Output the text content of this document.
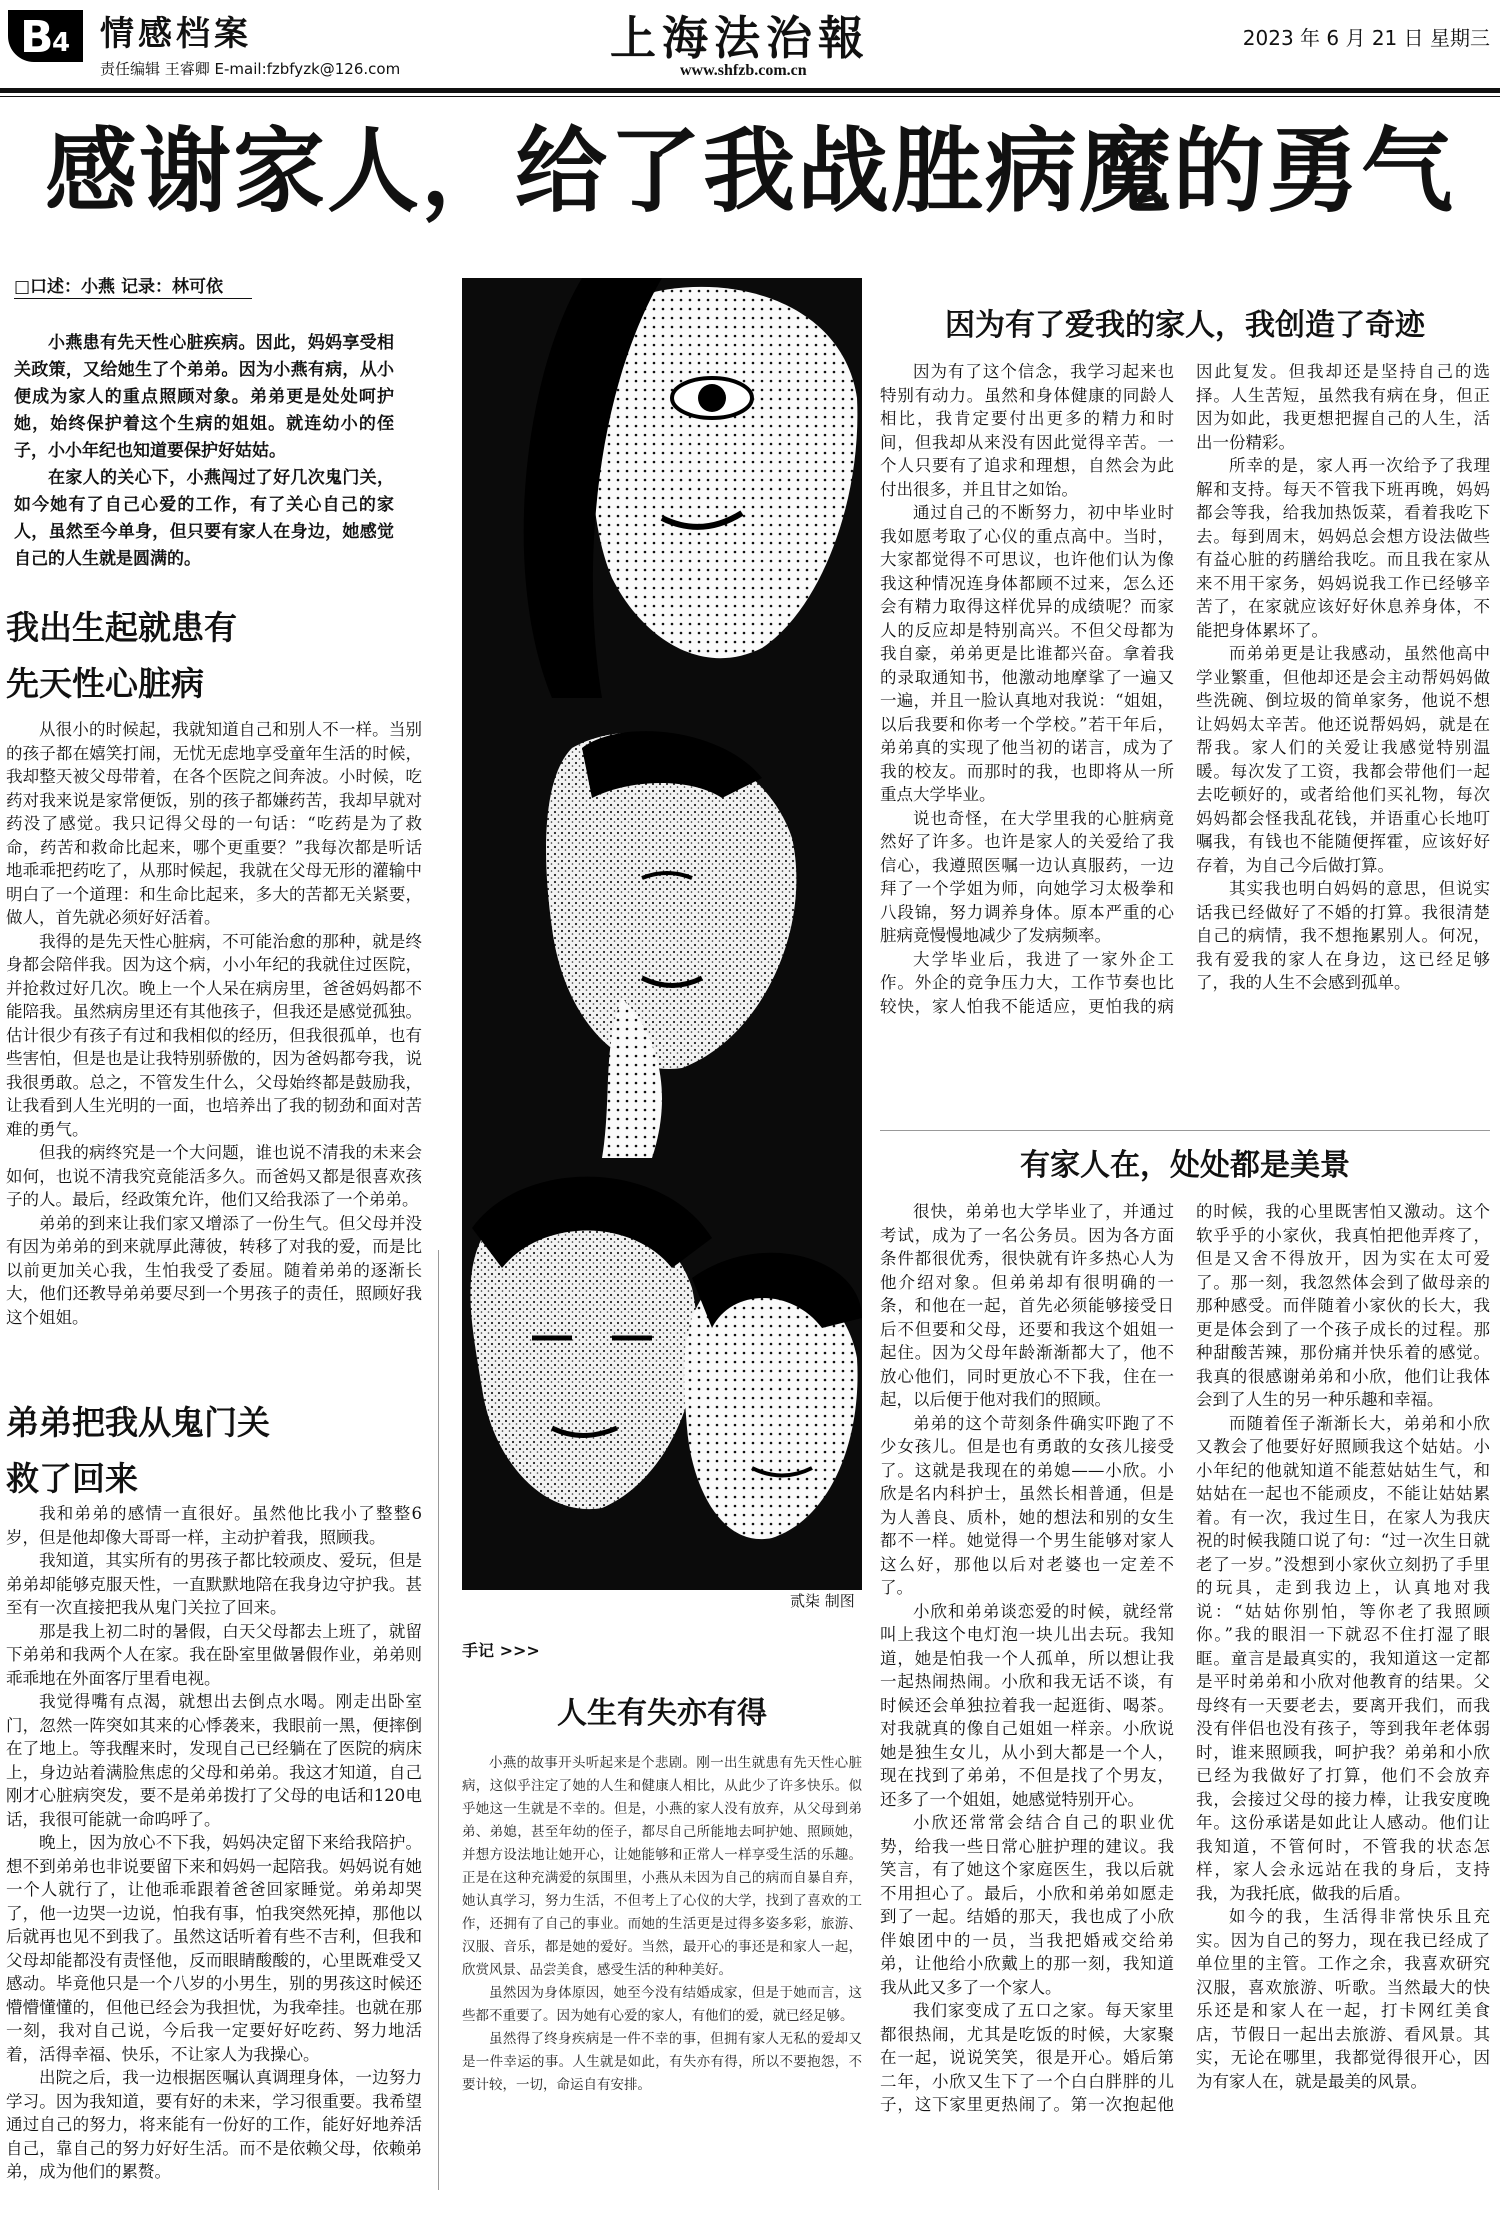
B
4 情感档案
责任编辑 王睿卿 E-mail:fzbfyzk@126.com
上海法治報
www.shfzb.com.cn
2023 年 6 月 21 日 星期三
感谢家人，给了我战胜病魔的勇气
□口述：小燕 记录：林可依

小燕患有先天性心脏疾病。因此，妈妈享受相关政策，又给她生了个弟弟。因为小燕有病，从小便成为家人的重点照顾对象。弟弟更是处处呵护她，始终保护着这个生病的姐姐。就连幼小的侄子，小小年纪也知道要保护好姑姑。

在家人的关心下，小燕闯过了好几次鬼门关，如今她有了自己心爱的工作，有了关心自己的家人，虽然至今单身，但只要有家人在身边，她感觉自己的人生就是圆满的。

我出生起就患有
先天性心脏病

从很小的时候起，我就知道自己和别人不一样。当别的孩子都在嬉笑打闹，无忧无虑地享受童年生活的时候，我却整天被父母带着，在各个医院之间奔波。小时候，吃药对我来说是家常便饭，别的孩子都嫌药苦，我却早就对药没了感觉。我只记得父母的一句话：“吃药是为了救命，药苦和救命比起来，哪个更重要？”我每次都是听话地乖乖把药吃了，从那时候起，我就在父母无形的灌输中明白了一个道理：和生命比起来，多大的苦都无关紧要，做人，首先就必须好好活着。

我得的是先天性心脏病，不可能治愈的那种，就是终身都会陪伴我。因为这个病，小小年纪的我就住过医院，并抢救过好几次。晚上一个人呆在病房里，爸爸妈妈都不能陪我。虽然病房里还有其他孩子，但我还是感觉孤独。估计很少有孩子有过和我相似的经历，但我很孤单，也有些害怕，但是也是让我特别骄傲的，因为爸妈都夸我，说我很勇敢。总之，不管发生什么，父母始终都是鼓励我，让我看到人生光明的一面，也培养出了我的韧劲和面对苦难的勇气。

但我的病终究是一个大问题，谁也说不清我的未来会如何，也说不清我究竟能活多久。而爸妈又都是很喜欢孩子的人。最后，经政策允许，他们又给我添了一个弟弟。

弟弟的到来让我们家又增添了一份生气。但父母并没有因为弟弟的到来就厚此薄彼，转移了对我的爱，而是比以前更加关心我，生怕我受了委屈。随着弟弟的逐渐长大，他们还教导弟弟要尽到一个男孩子的责任，照顾好我这个姐姐。

弟弟把我从鬼门关
救了回来

我和弟弟的感情一直很好。虽然他比我小了整整6岁，但是他却像大哥哥一样，主动护着我，照顾我。

我知道，其实所有的男孩子都比较顽皮、爱玩，但是弟弟却能够克服天性，一直默默地陪在我身边守护我。甚至有一次直接把我从鬼门关拉了回来。

那是我上初二时的暑假，白天父母都去上班了，就留下弟弟和我两个人在家。我在卧室里做暑假作业，弟弟则乖乖地在外面客厅里看电视。

我觉得嘴有点渴，就想出去倒点水喝。刚走出卧室门，忽然一阵突如其来的心悸袭来，我眼前一黑，便摔倒在了地上。等我醒来时，发现自己已经躺在了医院的病床上，身边站着满脸焦虑的父母和弟弟。我这才知道，自己刚才心脏病突发，要不是弟弟拨打了父母的电话和120电话，我很可能就一命呜呼了。

晚上，因为放心不下我，妈妈决定留下来给我陪护。想不到弟弟也非说要留下来和妈妈一起陪我。妈妈说有她一个人就行了，让他乖乖跟着爸爸回家睡觉。弟弟却哭了，他一边哭一边说，怕我有事，怕我突然死掉，那他以后就再也见不到我了。虽然这话听着有些不吉利，但我和父母却能都没有责怪他，反而眼睛酸酸的，心里既难受又感动。毕竟他只是一个八岁的小男生，别的男孩这时候还懵懵懂懂的，但他已经会为我担忧，为我牵挂。也就在那一刻，我对自己说，今后我一定要好好吃药、努力地活着，活得幸福、快乐，不让家人为我操心。

出院之后，我一边根据医嘱认真调理身体，一边努力学习。因为我知道，要有好的未来，学习很重要。我希望通过自己的努力，将来能有一份好的工作，能好好地养活自己，靠自己的努力好好生活。而不是依赖父母，依赖弟弟，成为他们的累赘。

贰柒 制图
手记 >>>
人生有失亦有得

小燕的故事开头听起来是个悲剧。刚一出生就患有先天性心脏病，这似乎注定了她的人生和健康人相比，从此少了许多快乐。似乎她这一生就是不幸的。但是，小燕的家人没有放弃，从父母到弟弟、弟媳，甚至年幼的侄子，都尽自己所能地去呵护她、照顾她，并想方设法地让她开心，让她能够和正常人一样享受生活的乐趣。正是在这种充满爱的氛围里，小燕从未因为自己的病而自暴自弃，她认真学习，努力生活，不但考上了心仪的大学，找到了喜欢的工作，还拥有了自己的事业。而她的生活更是过得多姿多彩，旅游、汉服、音乐，都是她的爱好。当然，最开心的事还是和家人一起，欣赏风景、品尝美食，感受生活的种种美好。

虽然因为身体原因，她至今没有结婚成家，但是于她而言，这些都不重要了。因为她有心爱的家人，有他们的爱，就已经足够。

虽然得了终身疾病是一件不幸的事，但拥有家人无私的爱却又是一件幸运的事。人生就是如此，有失亦有得，所以不要抱怨，不要计较，一切，命运自有安排。

因为有了爱我的家人，我创造了奇迹

因为有了这个信念，我学习起来也特别有动力。虽然和身体健康的同龄人相比，我肯定要付出更多的精力和时间，但我却从来没有因此觉得辛苦。一个人只要有了追求和理想，自然会为此付出很多，并且甘之如饴。

通过自己的不断努力，初中毕业时我如愿考取了心仪的重点高中。当时，大家都觉得不可思议，也许他们认为像我这种情况连身体都顾不过来，怎么还会有精力取得这样优异的成绩呢？而家人的反应却是特别高兴。不但父母都为我自豪，弟弟更是比谁都兴奋。拿着我的录取通知书，他激动地摩挲了一遍又一遍，并且一脸认真地对我说：“姐姐，以后我要和你考一个学校。”若干年后，弟弟真的实现了他当初的诺言，成为了我的校友。而那时的我，也即将从一所重点大学毕业。

说也奇怪，在大学里我的心脏病竟然好了许多。也许是家人的关爱给了我信心，我遵照医嘱一边认真服药，一边拜了一个学姐为师，向她学习太极拳和八段锦，努力调养身体。原本严重的心脏病竟慢慢地减少了发病频率。

大学毕业后，我进了一家外企工作。外企的竞争压力大，工作节奏也比较快，家人怕我不能适应，更怕我的病因此复发。但我却还是坚持自己的选择。人生苦短，虽然我有病在身，但正因为如此，我更想把握自己的人生，活出一份精彩。

所幸的是，家人再一次给予了我理解和支持。每天不管我下班再晚，妈妈都会等我，给我加热饭菜，看着我吃下去。每到周末，妈妈总会想方设法做些有益心脏的药膳给我吃。而且我在家从来不用干家务，妈妈说我工作已经够辛苦了，在家就应该好好休息养身体，不能把身体累坏了。

而弟弟更是让我感动，虽然他高中学业繁重，但他却还是会主动帮妈妈做些洗碗、倒垃圾的简单家务，他说不想让妈妈太辛苦。他还说帮妈妈，就是在帮我。家人们的关爱让我感觉特别温暖。每次发了工资，我都会带他们一起去吃顿好的，或者给他们买礼物，每次妈妈都会怪我乱花钱，并语重心长地叮嘱我，有钱也不能随便挥霍，应该好好存着，为自己今后做打算。

其实我也明白妈妈的意思，但说实话我已经做好了不婚的打算。我很清楚自己的病情，我不想拖累别人。何况，我有爱我的家人在身边，这已经足够了，我的人生不会感到孤单。

有家人在，处处都是美景

很快，弟弟也大学毕业了，并通过考试，成为了一名公务员。因为各方面条件都很优秀，很快就有许多热心人为他介绍对象。但弟弟却有很明确的一条，和他在一起，首先必须能够接受日后不但要和父母，还要和我这个姐姐一起住。因为父母年龄渐渐都大了，他不放心他们，同时更放心不下我，住在一起，以后便于他对我们的照顾。

弟弟的这个苛刻条件确实吓跑了不少女孩儿。但是也有勇敢的女孩儿接受了。这就是我现在的弟媳——小欣。小欣是名内科护士，虽然长相普通，但是为人善良、质朴，她的想法和别的女生都不一样。她觉得一个男生能够对家人这么好，那他以后对老婆也一定差不了。

小欣和弟弟谈恋爱的时候，就经常叫上我这个电灯泡一块儿出去玩。我知道，她是怕我一个人孤单，所以想让我一起热闹热闹。小欣和我无话不谈，有时候还会单独拉着我一起逛街、喝茶。对我就真的像自己姐姐一样亲。小欣说她是独生女儿，从小到大都是一个人，现在找到了弟弟，不但是找了个男友，还多了一个姐姐，她感觉特别开心。

小欣还常常会结合自己的职业优势，给我一些日常心脏护理的建议。我笑言，有了她这个家庭医生，我以后就不用担心了。最后，小欣和弟弟如愿走到了一起。结婚的那天，我也成了小欣伴娘团中的一员，当我把婚戒交给弟弟，让他给小欣戴上的那一刻，我知道我从此又多了一个家人。

我们家变成了五口之家。每天家里都很热闹，尤其是吃饭的时候，大家聚在一起，说说笑笑，很是开心。婚后第二年，小欣又生下了一个白白胖胖的儿子，这下家里更热闹了。第一次抱起他的时候，我的心里既害怕又激动。这个软乎乎的小家伙，我真怕把他弄疼了，但是又舍不得放开，因为实在太可爱了。那一刻，我忽然体会到了做母亲的那种感受。而伴随着小家伙的长大，我更是体会到了一个孩子成长的过程。那种甜酸苦辣，那份痛并快乐着的感觉。我真的很感谢弟弟和小欣，他们让我体会到了人生的另一种乐趣和幸福。

而随着侄子渐渐长大，弟弟和小欣又教会了他要好好照顾我这个姑姑。小小年纪的他就知道不能惹姑姑生气，和姑姑在一起也不能顽皮，不能让姑姑累着。有一次，我过生日，在家人为我庆祝的时候我随口说了句：“过一次生日就老了一岁。”没想到小家伙立刻扔了手里的玩具，走到我边上，认真地对我说：“姑姑你别怕，等你老了我照顾你。”我的眼泪一下就忍不住打湿了眼眶。童言是最真实的，我知道这一定都是平时弟弟和小欣对他教育的结果。父母终有一天要老去，要离开我们，而我没有伴侣也没有孩子，等到我年老体弱时，谁来照顾我，呵护我？弟弟和小欣已经为我做好了打算，他们不会放弃我，会接过父母的接力棒，让我安度晚年。这份承诺是如此让人感动。他们让我知道，不管何时，不管我的状态怎样，家人会永远站在我的身后，支持我，为我托底，做我的后盾。

如今的我，生活得非常快乐且充实。因为自己的努力，现在我已经成了单位里的主管。工作之余，我喜欢研究汉服，喜欢旅游、听歌。当然最大的快乐还是和家人在一起，打卡网红美食店，节假日一起出去旅游、看风景。其实，无论在哪里，我都觉得很开心，因为有家人在，就是最美的风景。
